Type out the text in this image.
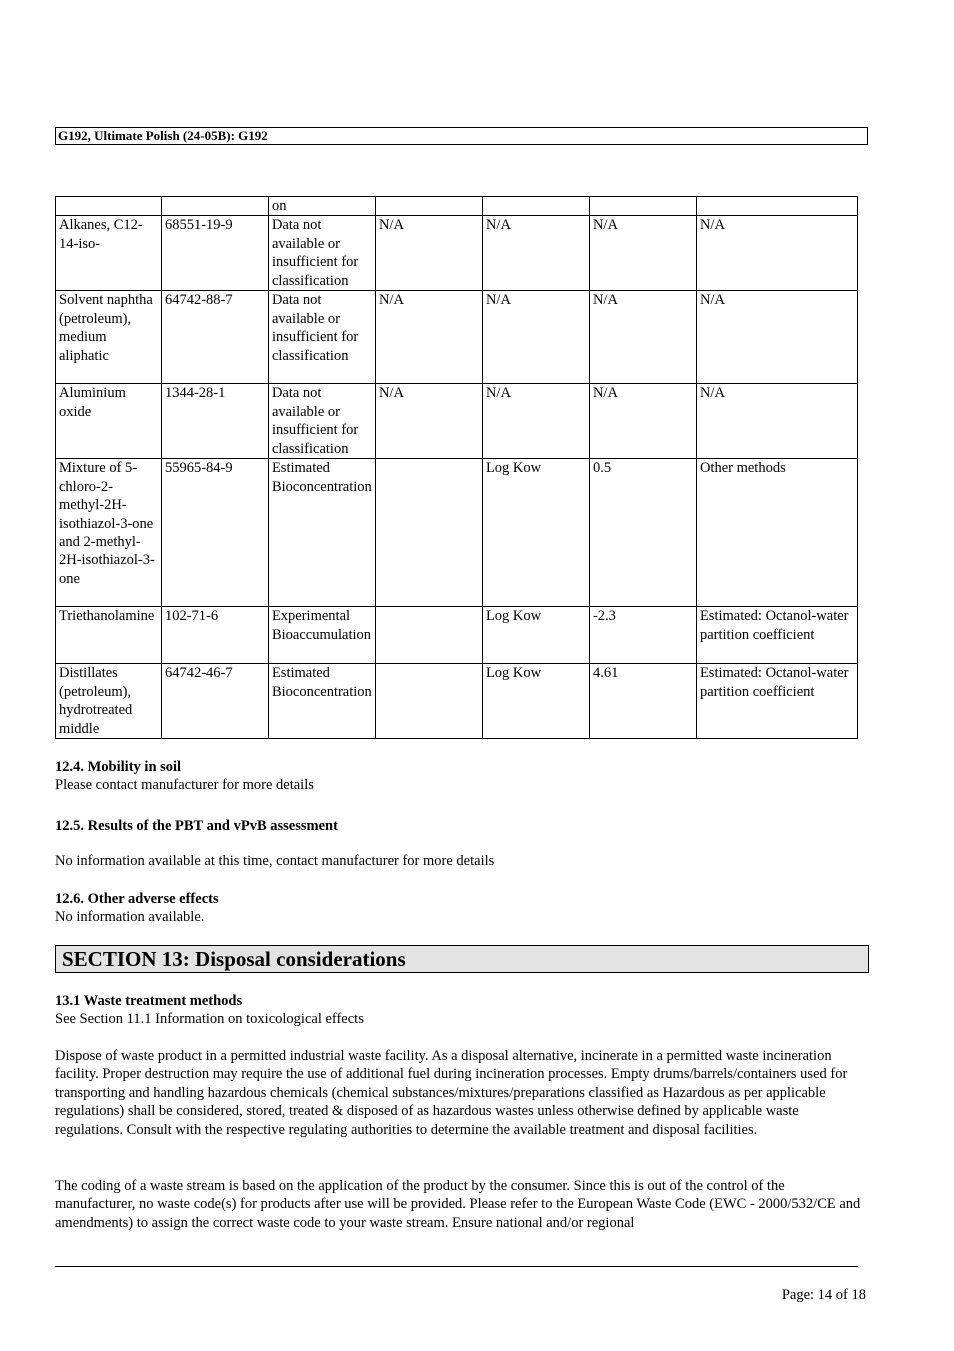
G192, Ultimate Polish (24-05B): G192
		on				
Alkanes, C12-14-iso-	68551-19-9	Data not available or insufficient for classification	N/A	N/A	N/A	N/A
Solvent naphtha (petroleum), medium aliphatic	64742-88-7	Data not available or insufficient for classification	N/A	N/A	N/A	N/A
Aluminium oxide	1344-28-1	Data not available or insufficient for classification	N/A	N/A	N/A	N/A
Mixture of 5-chloro-2-methyl-2H-isothiazol-3-one and 2-methyl-2H-isothiazol-3-one	55965-84-9	Estimated Bioconcentration		Log Kow	0.5	Other methods
Triethanolamine	102-71-6	Experimental Bioaccumulation		Log Kow	-2.3	Estimated: Octanol-water partition coefficient
Distillates (petroleum), hydrotreated middle	64742-46-7	Estimated Bioconcentration		Log Kow	4.61	Estimated: Octanol-water partition coefficient
12.4. Mobility in soil
Please contact manufacturer for more details
12.5. Results of the PBT and vPvB assessment
No information available at this time, contact manufacturer for more details
12.6. Other adverse effects
No information available.
SECTION 13: Disposal considerations
13.1 Waste treatment methods
See Section 11.1 Information on toxicological effects
Dispose of waste product in a permitted industrial waste facility. As a disposal alternative, incinerate in a permitted waste incineration facility. Proper destruction may require the use of additional fuel during incineration processes. Empty drums/barrels/containers used for transporting and handling hazardous chemicals (chemical substances/mixtures/preparations classified as Hazardous as per applicable regulations) shall be considered, stored, treated & disposed of as hazardous wastes unless otherwise defined by applicable waste regulations. Consult with the respective regulating authorities to determine the available treatment and disposal facilities.
The coding of a waste stream is based on the application of the product by the consumer. Since this is out of the control of the manufacturer, no waste code(s) for products after use will be provided. Please refer to the European Waste Code (EWC - 2000/532/CE and amendments) to assign the correct waste code to your waste stream. Ensure national and/or regional
Page: 14 of 18
